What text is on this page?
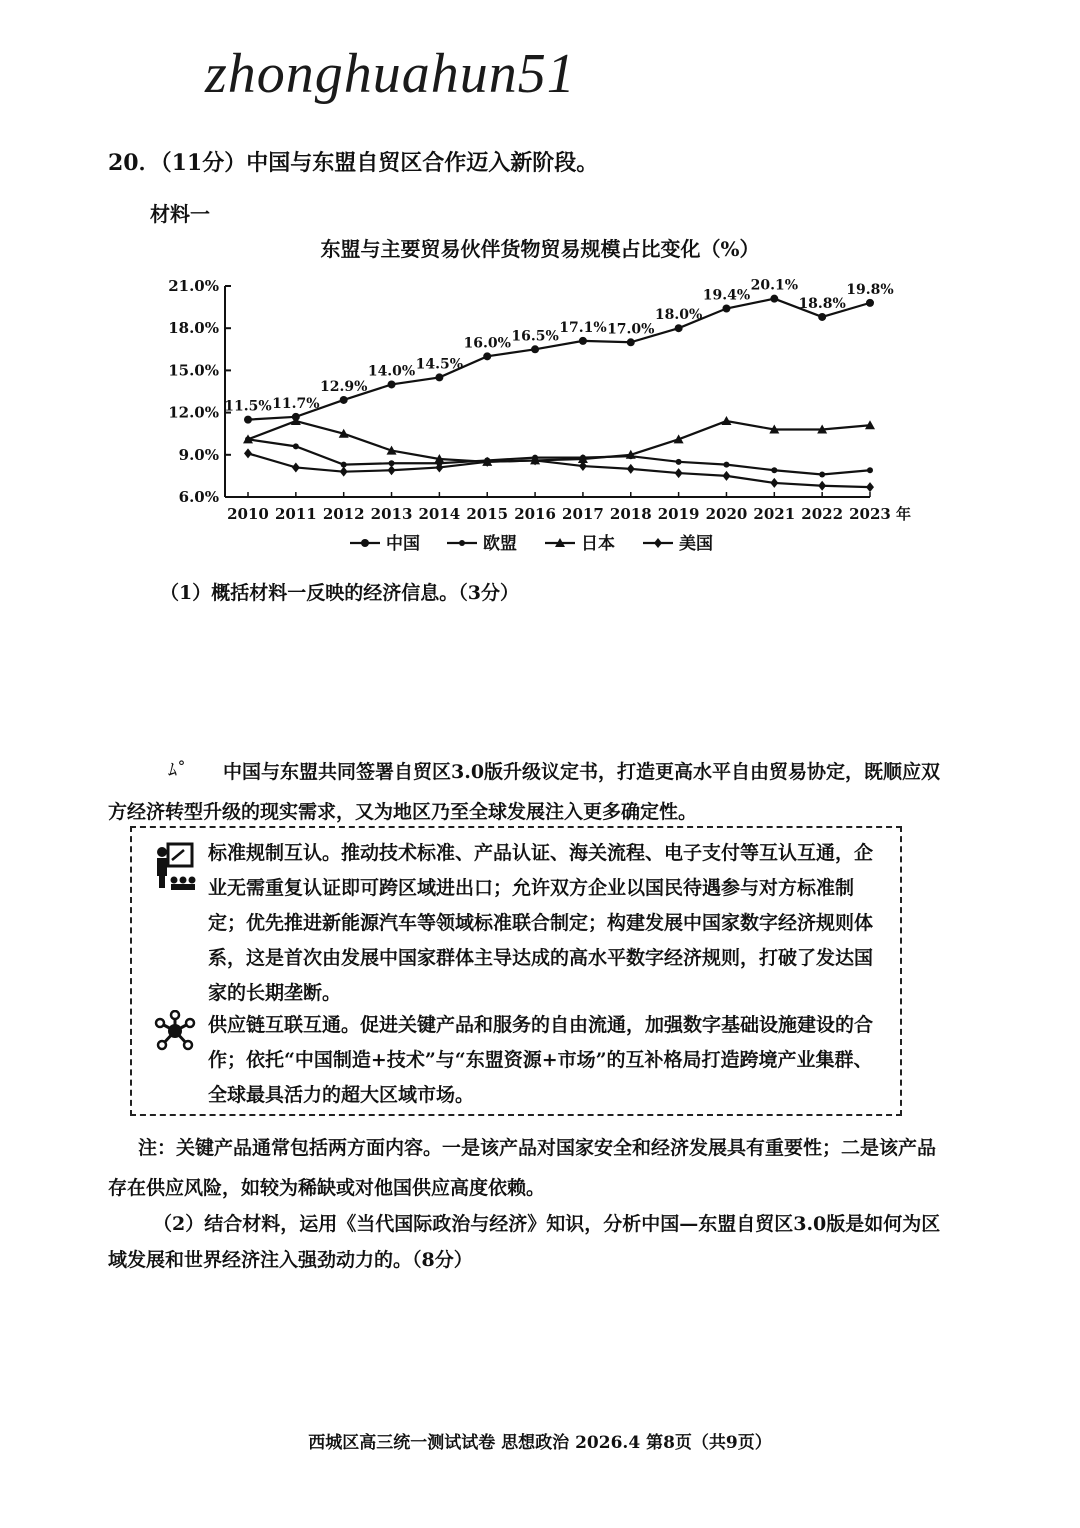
zhonghuahun51
20．（11分）中国与东盟自贸区合作迈入新阶段。
材料一
东盟与主要贸易伙伴货物贸易规模占比变化（%）
6.0%
9.0%
12.0%
15.0%
18.0%
21.0%
2010 2011 2012 2013 2014 2015 2016 2017 2018 2019 2020 2021 2022 2023 年
11.5% 11.7%
12.9%
14.0% 14.5%
16.0% 16.5%
17.1% 17.0%
18.0%
19.4%
20.1%
18.8%
19.8%
中国	欧盟	日本	美国
（1）概括材料一反映的经济信息。（3分）
ﾑ˚	中国与东盟共同签署自贸区3.0版升级议定书，打造更高水平自由贸易协定，既顺应双方经济转型升级的现实需求，又为地区乃至全球发展注入更多确定性。
标准规制互认。推动技术标准、产品认证、海关流程、电子支付等互认互通，企业无需重复认证即可跨区域进出口；允许双方企业以国民待遇参与对方标准制定；优先推进新能源汽车等领域标准联合制定；构建发展中国家数字经济规则体系，这是首次由发展中国家群体主导达成的高水平数字经济规则，打破了发达国家的长期垄断。
供应链互联互通。促进关键产品和服务的自由流通，加强数字基础设施建设的合作；依托“中国制造+技术”与“东盟资源+市场”的互补格局打造跨境产业集群、全球最具活力的超大区域市场。
注：关键产品通常包括两方面内容。一是该产品对国家安全和经济发展具有重要性；二是该产品存在供应风险，如较为稀缺或对他国供应高度依赖。
（2）结合材料，运用《当代国际政治与经济》知识，分析中国—东盟自贸区3.0版是如何为区域发展和世界经济注入强劲动力的。（8分）
西城区高三统一测试试卷 思想政治 2026.4 第8页（共9页）
